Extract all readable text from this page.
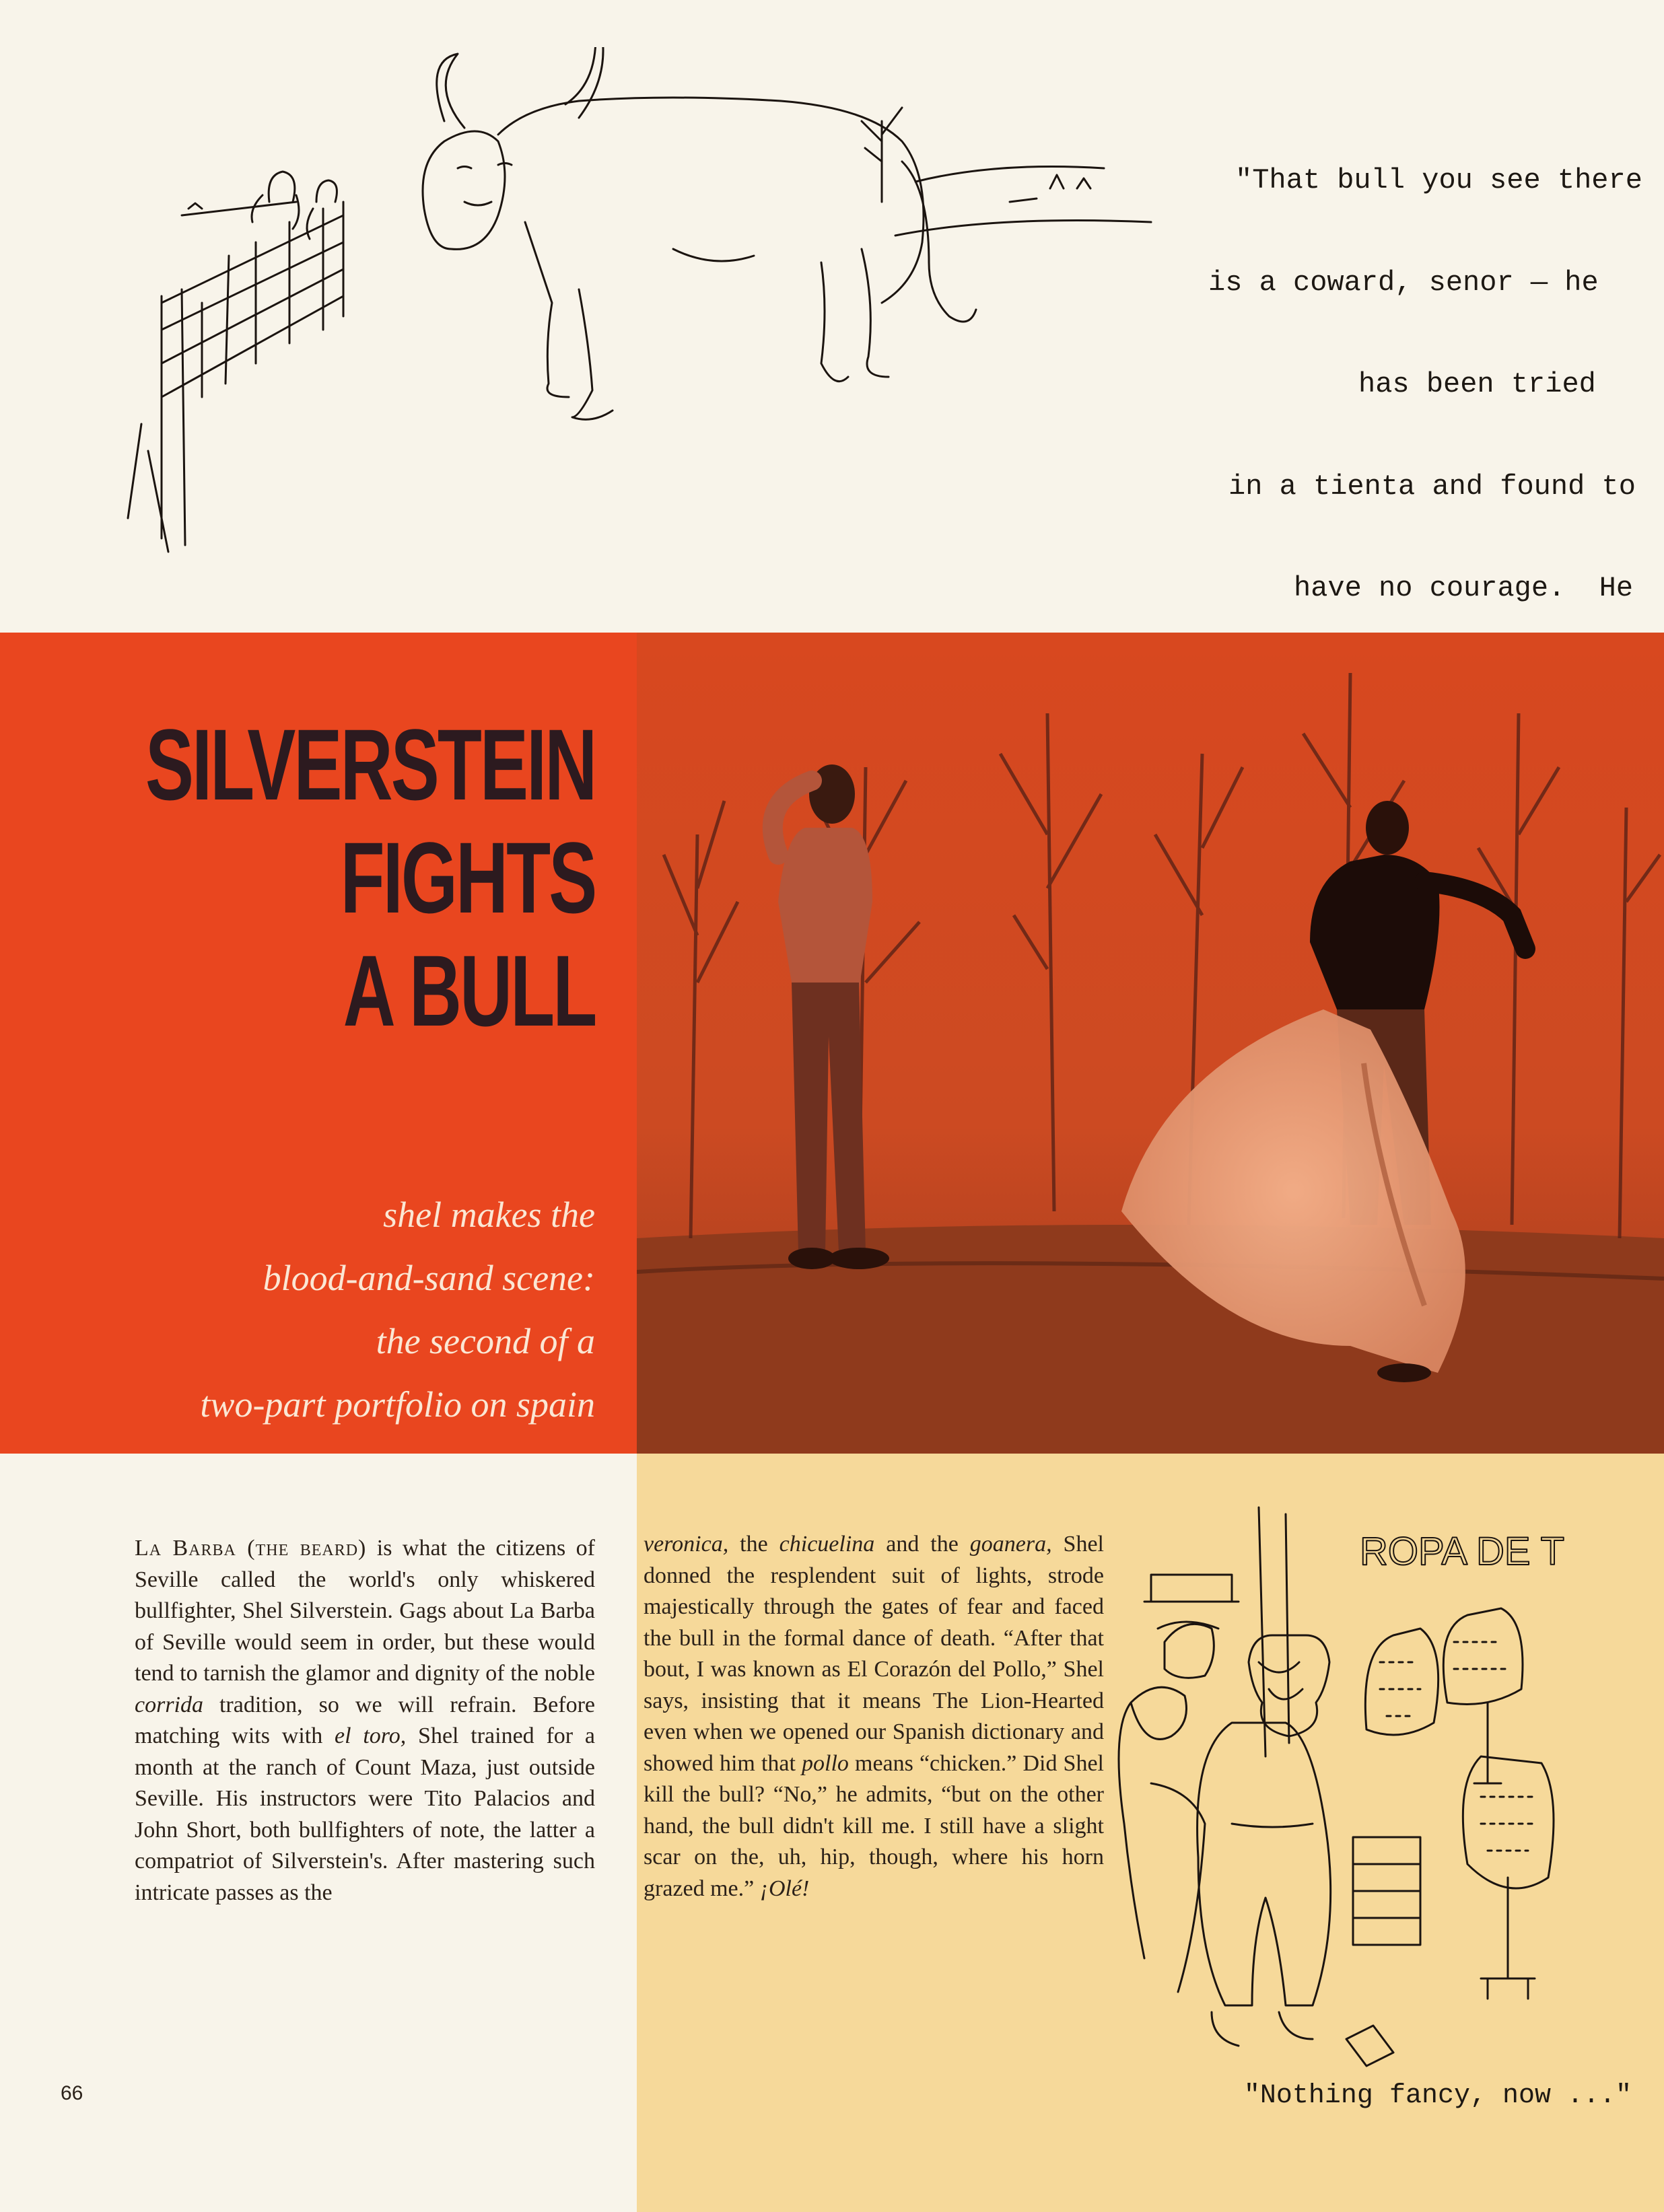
"That bull you see there

is a coward, senor — he

has been tried

in a tienta and found to

have no courage.  He

SILVERSTEIN
FIGHTS
A BULL
shel makes the
blood-and-sand scene:
the second of a
two-part portfolio on spain

La Barba (the beard) is what the citizens of Seville called the world's only whiskered bullfighter, Shel Silverstein. Gags about La Barba of Seville would seem in order, but these would tend to tarnish the glamor and dignity of the noble corrida tradition, so we will refrain. Before matching wits with el toro, Shel trained for a month at the ranch of Count Maza, just outside Seville. His instructors were Tito Palacios and John Short, both bullfighters of note, the latter a compatriot of Silverstein's. After mastering such intricate passes as the

veronica, the chicuelina and the goanera, Shel donned the resplendent suit of lights, strode majestically through the gates of fear and faced the bull in the formal dance of death. “After that bout, I was known as El Corazón del Pollo,” Shel says, insisting that it means The Lion-Hearted even when we opened our Spanish dictionary and showed him that pollo means “chicken.” Did Shel kill the bull? “No,” he admits, “but on the other hand, the bull didn't kill me. I still have a slight scar on the, uh, hip, though, where his horn grazed me.” ¡Olé!

ROPA DE T
"Nothing fancy, now ..."
66
